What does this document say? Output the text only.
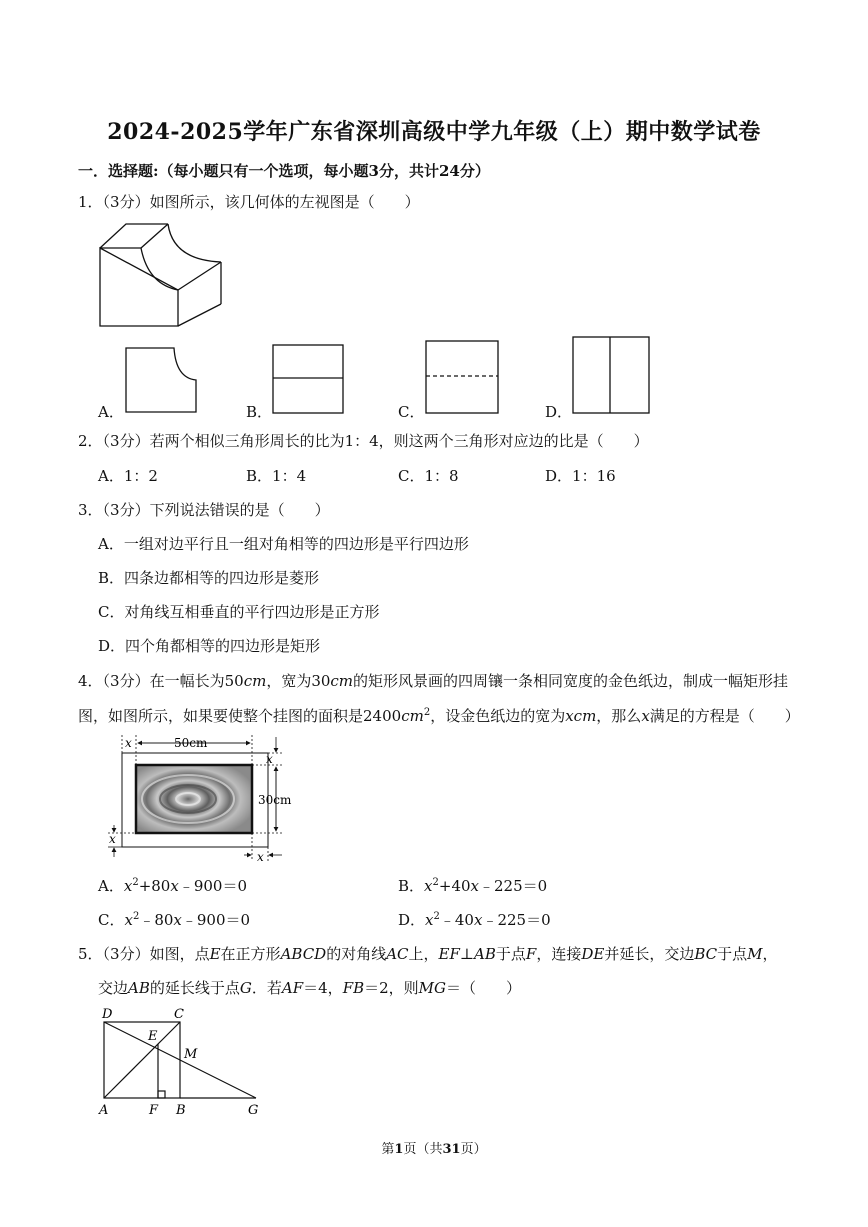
2024-2025学年广东省深圳高级中学九年级（上）期中数学试卷
一．选择题:（每小题只有一个选项，每小题3分，共计24分）
1．（3分）如图所示，该几何体的左视图是（　　）
A．	B．	C．	D．
2．（3分）若两个相似三角形周长的比为1：4，则这两个三角形对应边的比是（　　）
A．1：2	B．1：4	C．1：8	D．1：16
3．（3分）下列说法错误的是（　　）
A．一组对边平行且一组对角相等的四边形是平行四边形
B．四条边都相等的四边形是菱形
C．对角线互相垂直的平行四边形是正方形
D．四个角都相等的四边形是矩形
4．（3分）在一幅长为50cm，宽为30cm的矩形风景画的四周镶一条相同宽度的金色纸边，制成一幅矩形挂
图，如图所示，如果要使整个挂图的面积是$2400cm^2$，设金色纸边的宽为xcm，那么x满足的方程是（　　）
x	50cm
x
30cm
x
x
A．$x^2+80x﹣900=0$	B．$x^2+40x﹣225=0$
C．$x^2﹣80x﹣900=0$	D．$x^2﹣40x﹣225=0$
5．（3分）如图，点E在正方形ABCD的对角线AC上，EF⊥AB于点F，连接DE并延长，交边BC于点M，
交边AB的延长线于点G．若AF＝4，FB＝2，则MG＝（　　）
D	C
E
M
A	F B	G
第1页（共31页）
